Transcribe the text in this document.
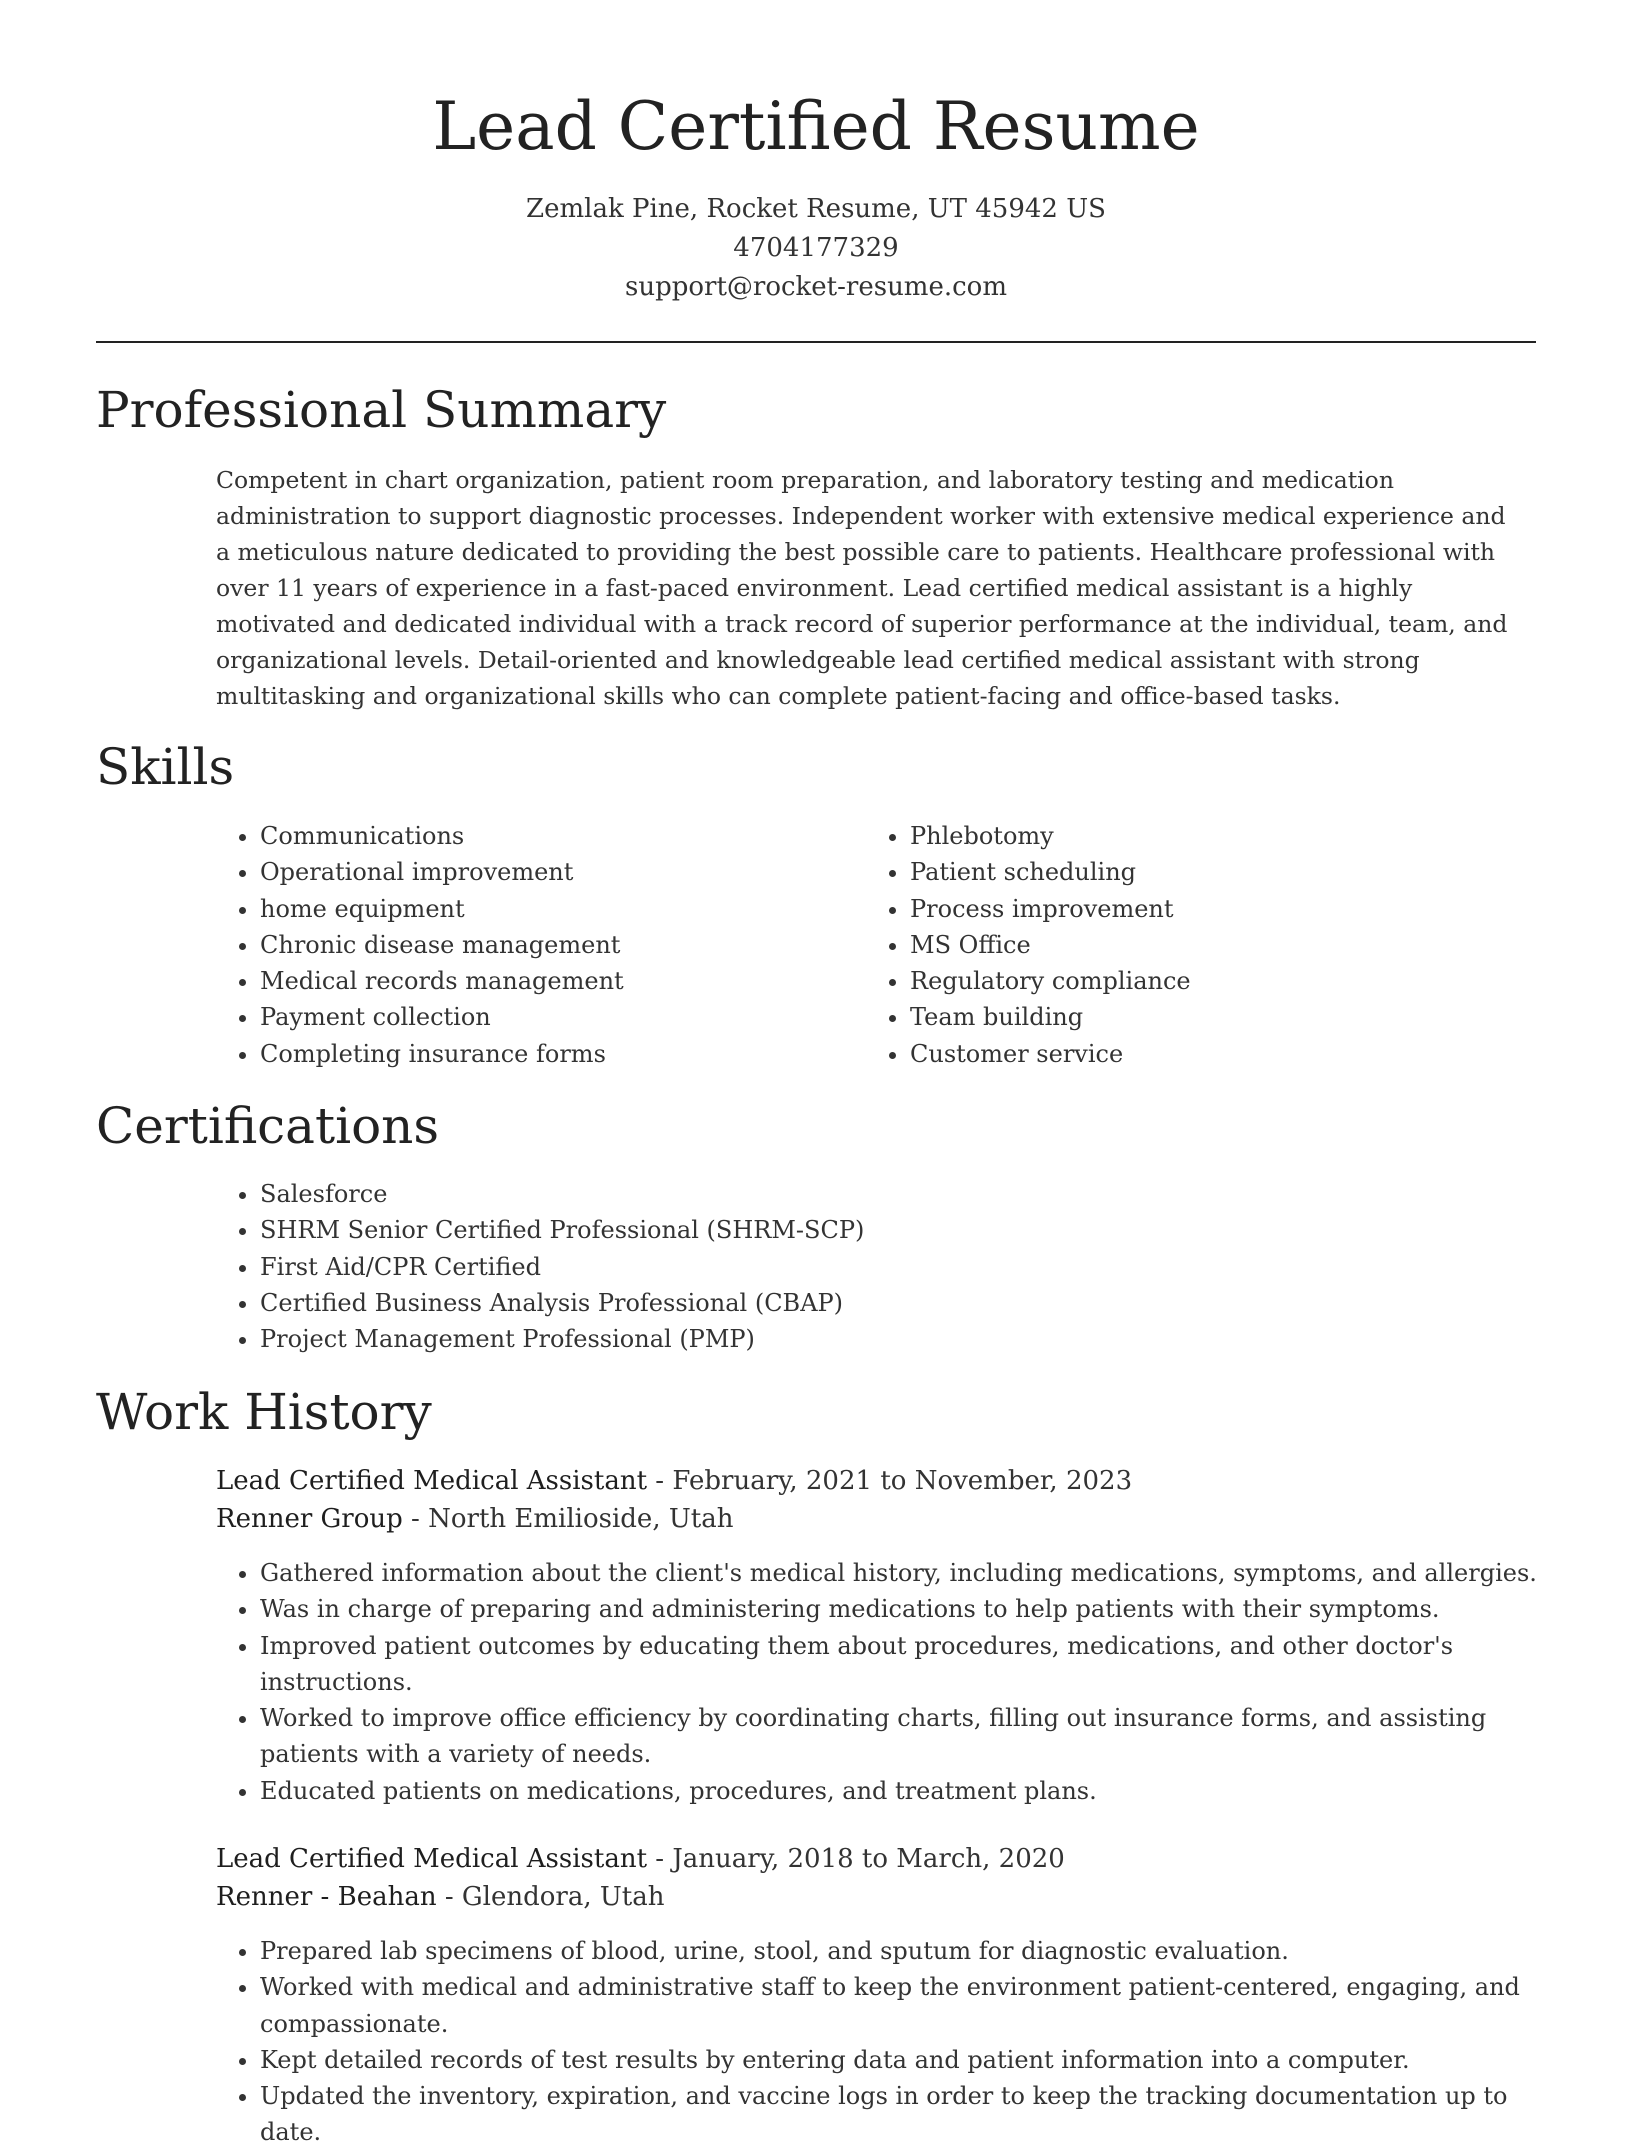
Lead Certified Resume
Zemlak Pine, Rocket Resume, UT 45942 US
4704177329
support@rocket-resume.com
Professional Summary

Competent in chart organization, patient room preparation, and laboratory testing and medication administration to support diagnostic processes. Independent worker with extensive medical experience and a meticulous nature dedicated to providing the best possible care to patients. Healthcare professional with over 11 years of experience in a fast-paced environment. Lead certified medical assistant is a highly motivated and dedicated individual with a track record of superior performance at the individual, team, and organizational levels. Detail-oriented and knowledgeable lead certified medical assistant with strong multitasking and organizational skills who can complete patient-facing and office-based tasks.

Skills
• Communications
• Operational improvement
• home equipment
• Chronic disease management
• Medical records management
• Payment collection
• Completing insurance forms
• Phlebotomy
• Patient scheduling
• Process improvement
• MS Office
• Regulatory compliance
• Team building
• Customer service
Certifications
• Salesforce
• SHRM Senior Certified Professional (SHRM-SCP)
• First Aid/CPR Certified
• Certified Business Analysis Professional (CBAP)
• Project Management Professional (PMP)
Work History
Lead Certified Medical Assistant - February, 2021 to November, 2023
Renner Group - North Emilioside, Utah
• Gathered information about the client's medical history, including medications, symptoms, and allergies.
• Was in charge of preparing and administering medications to help patients with their symptoms.
• Improved patient outcomes by educating them about procedures, medications, and other doctor's instructions.
• Worked to improve office efficiency by coordinating charts, filling out insurance forms, and assisting patients with a variety of needs.
• Educated patients on medications, procedures, and treatment plans.
Lead Certified Medical Assistant - January, 2018 to March, 2020
Renner - Beahan - Glendora, Utah
• Prepared lab specimens of blood, urine, stool, and sputum for diagnostic evaluation.
• Worked with medical and administrative staff to keep the environment patient-centered, engaging, and compassionate.
• Kept detailed records of test results by entering data and patient information into a computer.
• Updated the inventory, expiration, and vaccine logs in order to keep the tracking documentation up to date.
